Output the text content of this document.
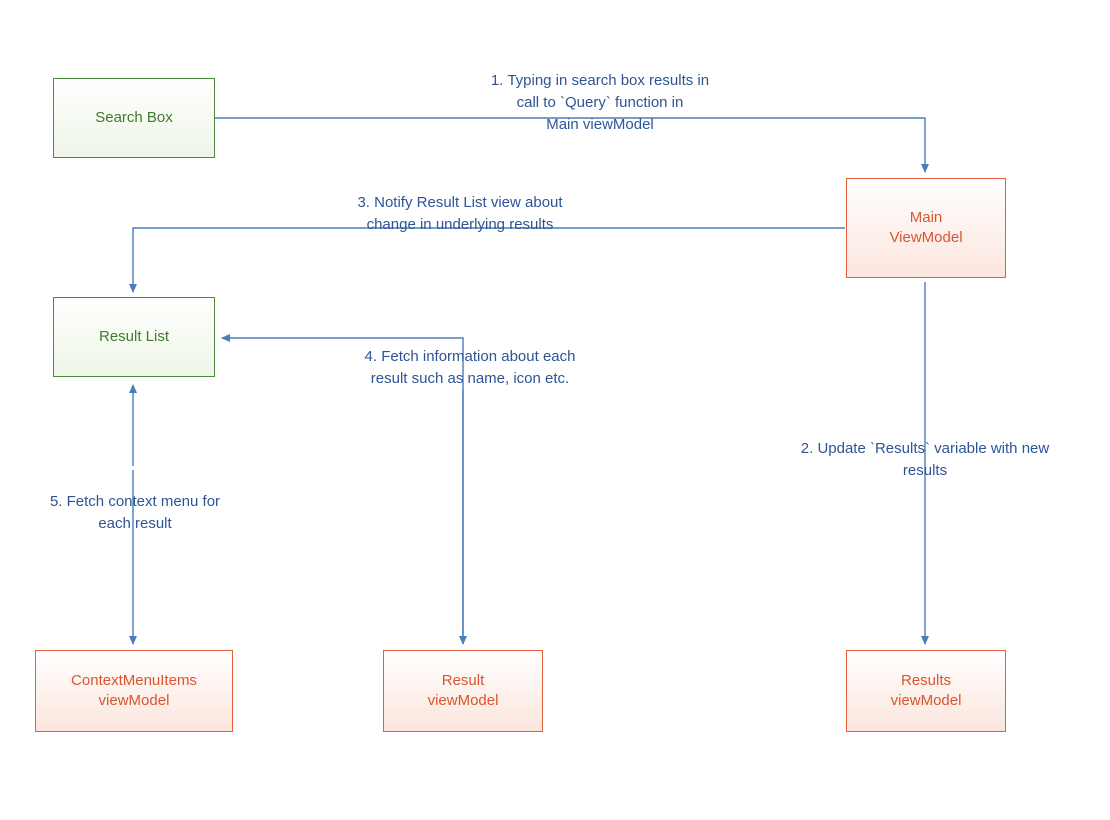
Search Box
Main
ViewModel
Result List
ContextMenuItems
viewModel
Result
viewModel
Results
viewModel
1. Typing in search box results in
call to `Query` function in
Main viewModel
2. Update `Results` variable with new
results
3. Notify Result List view about
change in underlying results
4. Fetch information about each
result such as name, icon etc.
5. Fetch context menu for
each result
